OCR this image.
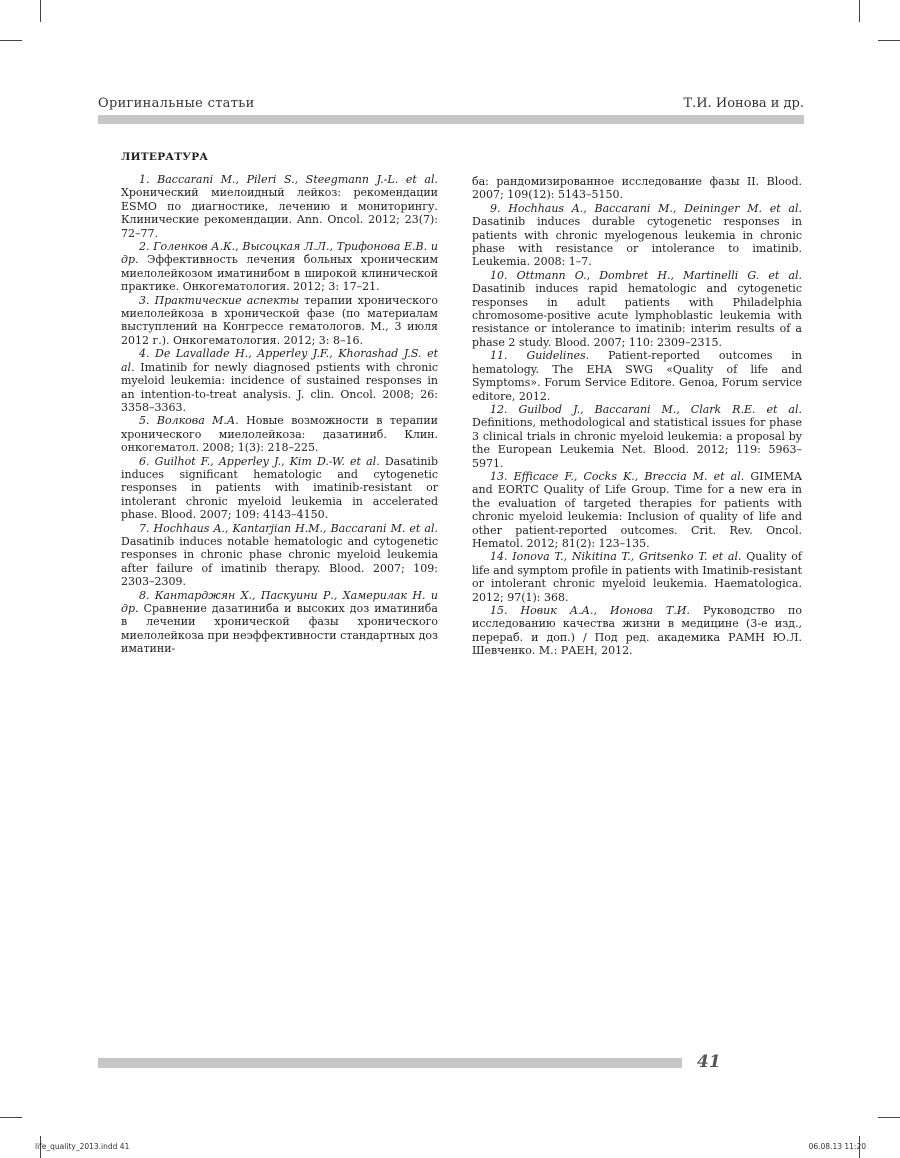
Оригинальные статьи	Т.И. Ионова и др.
ЛИТЕРАТУРА

1. Baccarani M., Pileri S., Steegmann J.-L. et al. Хронический миелоидный лейкоз: рекомендации ESMO по диагностике, лечению и мониторингу. Клинические рекомендации. Ann. Oncol. 2012; 23(7): 72–77.

2. Голенков А.К., Высоцкая Л.Л., Трифонова Е.В. и др. Эффективность лечения больных хроническим миелолейкозом иматинибом в широкой клинической практике. Онкогематология. 2012; 3: 17–21.

3. Практические аспекты терапии хронического миелолейкоза в хронической фазе (по материалам выступлений на Конгрессе гематологов. М., 3 июля 2012 г.). Онкогематология. 2012; 3: 8–16.

4. De Lavallade H., Apperley J.F., Khorashad J.S. et al. Imatinib for newly diagnosed pstients with chronic myeloid leukemia: incidence of sustained responses in an intention-to-treat analysis. J. clin. Oncol. 2008; 26: 3358–3363.

5. Волкова М.А. Новые возможности в терапии хронического миелолейкоза: дазатиниб. Клин. онкогематол. 2008; 1(3): 218–225.

6. Guilhot F., Apperley J., Kim D.-W. et al. Dasatinib induces significant hematologic and cytogenetic responses in patients with imatinib-resistant or intolerant chronic myeloid leukemia in accelerated phase. Blood. 2007; 109: 4143–4150.

7. Hochhaus A., Kantarjian H.M., Baccarani M. et al. Dasatinib induces notable hematologic and cytogenetic responses in chronic phase chronic myeloid leukemia after failure of imatinib therapy. Blood. 2007; 109: 2303–2309.

8. Кантарджян Х., Паскуини Р., Хамерилак Н. и др. Сравнение дазатиниба и высоких доз иматиниба в лечении хронической фазы хронического миелолейкоза при неэффективности стандартных доз иматини-

ба: рандомизированное исследование фазы II. Blood. 2007; 109(12): 5143–5150.

9. Hochhaus A., Baccarani M., Deininger M. et al. Dasatinib induces durable cytogenetic responses in patients with chronic myelogenous leukemia in chronic phase with resistance or intolerance to imatinib. Leukemia. 2008: 1–7.

10. Ottmann O., Dombret H., Martinelli G. et al. Dasatinib induces rapid hematologic and cytogenetic responses in adult patients with Philadelphia chromosome-positive acute lymphoblastic leukemia with resistance or intolerance to imatinib: interim results of a phase 2 study. Blood. 2007; 110: 2309–2315.

11. Guidelines. Patient-reported outcomes in hematology. The EHA SWG «Quality of life and Symptoms». Forum Service Editore. Genoa, Forum service editore, 2012.

12. Guilbod J., Baccarani M., Clark R.E. et al. Definitions, methodological and statistical issues for phase 3 clinical trials in chronic myeloid leukemia: a proposal by the European Leukemia Net. Blood. 2012; 119: 5963–5971.

13. Efficace F., Cocks K., Breccia M. et al. GIMEMA and EORTC Quality of Life Group. Time for a new era in the evaluation of targeted therapies for patients with chronic myeloid leukemia: Inclusion of quality of life and other patient-reported outcomes. Crit. Rev. Oncol. Hematol. 2012; 81(2): 123–135.

14. Ionova T., Nikitina T., Gritsenko T. et al. Quality of life and symptom profile in patients with Imatinib-resistant or intolerant chronic myeloid leukemia. Haematologica. 2012; 97(1): 368.

15. Новик А.А., Ионова Т.И. Руководство по исследованию качества жизни в медицине (3-е изд., перераб. и доп.) / Под ред. академика РАМН Ю.Л. Шевченко. М.: РАЕН, 2012.

41
life_quality_2013.indd 41	06.08.13 11:20
